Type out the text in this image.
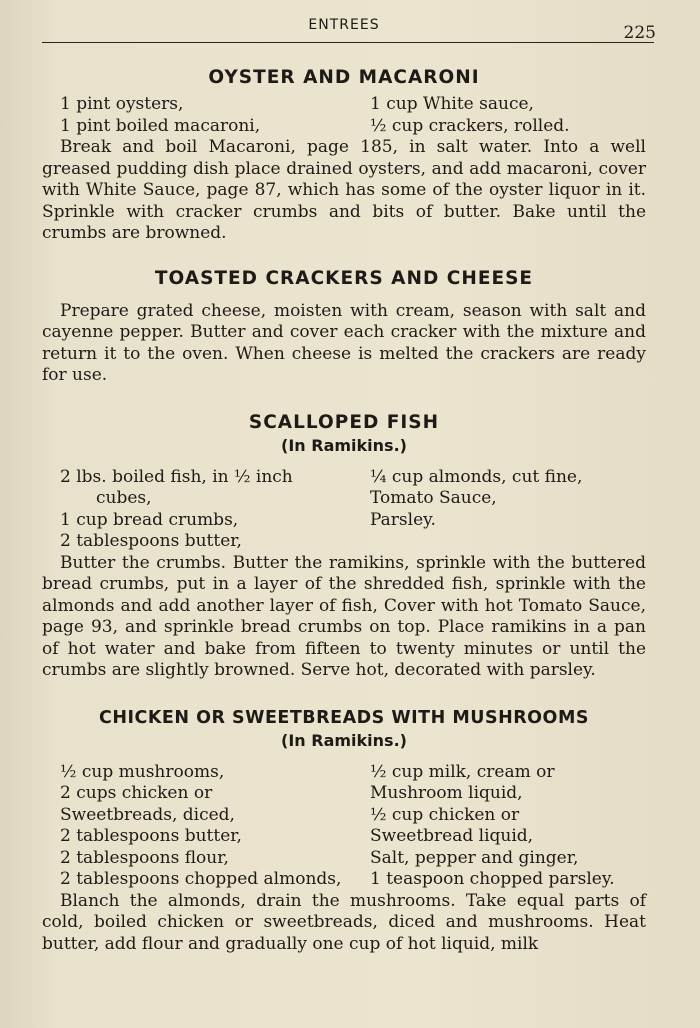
ENTREES	225
OYSTER AND MACARONI
1 pint oysters,
1 pint boiled macaroni,
1 cup White sauce,
½ cup crackers, rolled.

Break and boil Macaroni, page 185, in salt water. Into a well greased pudding dish place drained oysters, and add macaroni, cover with White Sauce, page 87, which has some of the oyster liquor in it. Sprinkle with cracker crumbs and bits of butter. Bake until the crumbs are browned.

TOASTED CRACKERS AND CHEESE

Prepare grated cheese, moisten with cream, season with salt and cayenne pepper. Butter and cover each cracker with the mixture and return it to the oven. When cheese is melted the crackers are ready for use.

SCALLOPED FISH
(In Ramikins.)
2 lbs. boiled fish, in ½ inch
cubes,
1 cup bread crumbs,
2 tablespoons butter,
¼ cup almonds, cut fine,
Tomato Sauce,
Parsley.

Butter the crumbs. Butter the ramikins, sprinkle with the buttered bread crumbs, put in a layer of the shredded fish, sprinkle with the almonds and add another layer of fish, Cover with hot Tomato Sauce, page 93, and sprinkle bread crumbs on top. Place ramikins in a pan of hot water and bake from fifteen to twenty minutes or until the crumbs are slightly browned. Serve hot, decorated with parsley.

CHICKEN OR SWEETBREADS WITH MUSHROOMS
(In Ramikins.)
½ cup mushrooms,
2 cups chicken or
Sweetbreads, diced,
2 tablespoons butter,
2 tablespoons flour,
2 tablespoons chopped almonds,
½ cup milk, cream or
Mushroom liquid,
½ cup chicken or
Sweetbread liquid,
Salt, pepper and ginger,
1 teaspoon chopped parsley.

Blanch the almonds, drain the mushrooms. Take equal parts of cold, boiled chicken or sweetbreads, diced and mushrooms. Heat butter, add flour and gradually one cup of hot liquid, milk
